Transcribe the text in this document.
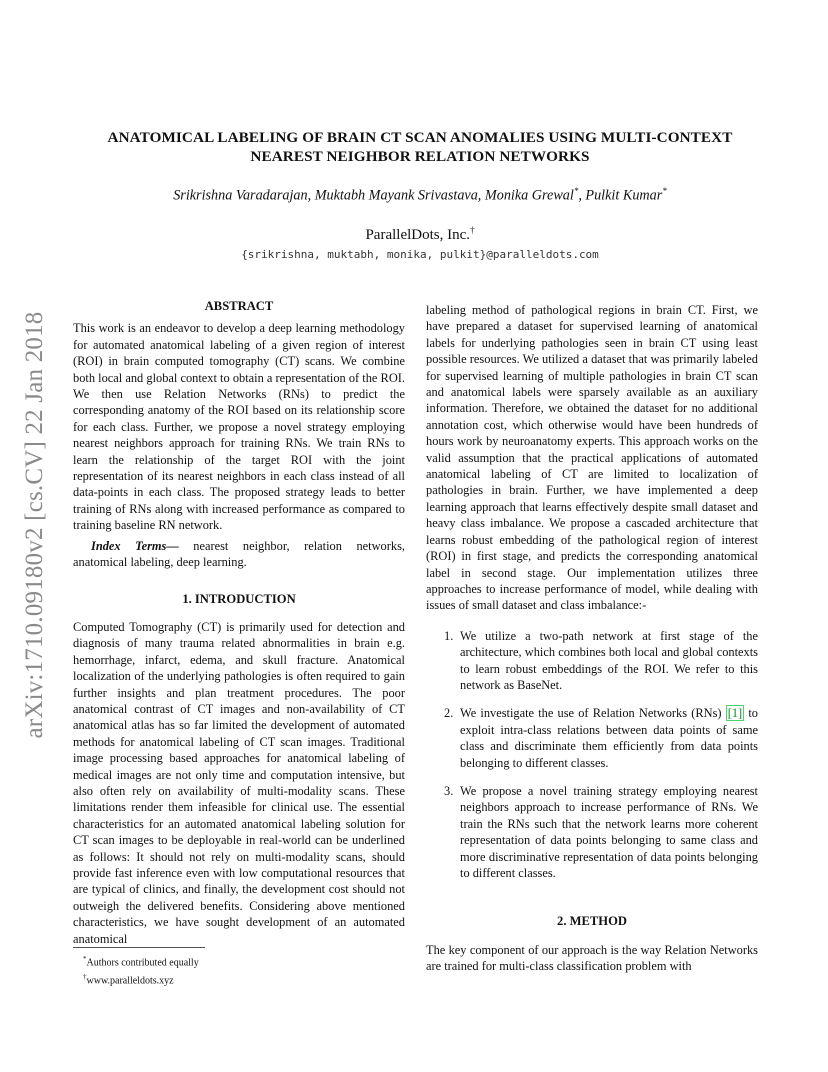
arXiv:1710.09180v2 [cs.CV] 22 Jan 2018
ANATOMICAL LABELING OF BRAIN CT SCAN ANOMALIES USING MULTI-CONTEXT
NEAREST NEIGHBOR RELATION NETWORKS
Srikrishna Varadarajan, Muktabh Mayank Srivastava, Monika Grewal*, Pulkit Kumar*
ParallelDots, Inc.†
{srikrishna, muktabh, monika, pulkit}@paralleldots.com
ABSTRACT

This work is an endeavor to develop a deep learning methodology for automated anatomical labeling of a given region of interest (ROI) in brain computed tomography (CT) scans. We combine both local and global context to obtain a representation of the ROI. We then use Relation Networks (RNs) to predict the corresponding anatomy of the ROI based on its relationship score for each class. Further, we propose a novel strategy employing nearest neighbors approach for training RNs. We train RNs to learn the relationship of the target ROI with the joint representation of its nearest neighbors in each class instead of all data-points in each class. The proposed strategy leads to better training of RNs along with increased performance as compared to training baseline RN network.

Index Terms— nearest neighbor, relation networks, anatomical labeling, deep learning.

1. INTRODUCTION

Computed Tomography (CT) is primarily used for detection and diagnosis of many trauma related abnormalities in brain e.g. hemorrhage, infarct, edema, and skull fracture. Anatomical localization of the underlying pathologies is often required to gain further insights and plan treatment procedures. The poor anatomical contrast of CT images and non-availability of CT anatomical atlas has so far limited the development of automated methods for anatomical labeling of CT scan images. Traditional image processing based approaches for anatomical labeling of medical images are not only time and computation intensive, but also often rely on availability of multi-modality scans. These limitations render them infeasible for clinical use. The essential characteristics for an automated anatomical labeling solution for CT scan images to be deployable in real-world can be underlined as follows: It should not rely on multi-modality scans, should provide fast inference even with low computational resources that are typical of clinics, and finally, the development cost should not outweigh the delivered benefits. Considering above mentioned characteristics, we have sought development of an automated anatomical

labeling method of pathological regions in brain CT. First, we have prepared a dataset for supervised learning of anatomical labels for underlying pathologies seen in brain CT using least possible resources. We utilized a dataset that was primarily labeled for supervised learning of multiple pathologies in brain CT scan and anatomical labels were sparsely available as an auxiliary information. Therefore, we obtained the dataset for no additional annotation cost, which otherwise would have been hundreds of hours work by neuroanatomy experts. This approach works on the valid assumption that the practical applications of automated anatomical labeling of CT are limited to localization of pathologies in brain. Further, we have implemented a deep learning approach that learns effectively despite small dataset and heavy class imbalance. We propose a cascaded architecture that learns robust embedding of the pathological region of interest (ROI) in first stage, and predicts the corresponding anatomical label in second stage. Our implementation utilizes three approaches to increase performance of model, while dealing with issues of small dataset and class imbalance:-

1. We utilize a two-path network at first stage of the architecture, which combines both local and global contexts to learn robust embeddings of the ROI. We refer to this network as BaseNet.
2. We investigate the use of Relation Networks (RNs) [1] to exploit intra-class relations between data points of same class and discriminate them efficiently from data points belonging to different classes.
3. We propose a novel training strategy employing nearest neighbors approach to increase performance of RNs. We train the RNs such that the network learns more coherent representation of data points belonging to same class and more discriminative representation of data points belonging to different classes.
2. METHOD

The key component of our approach is the way Relation Networks are trained for multi-class classification problem with

*Authors contributed equally
†www.paralleldots.xyz
